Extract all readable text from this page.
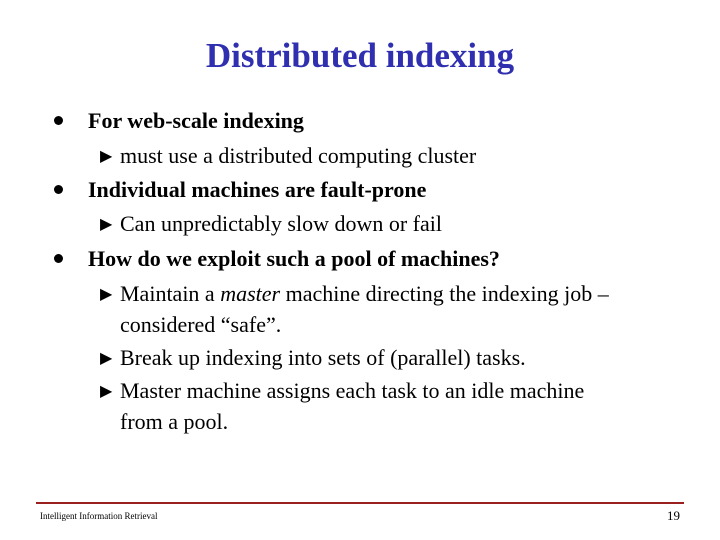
Distributed indexing
For web-scale indexing
▶ must use a distributed computing cluster
Individual machines are fault-prone
▶ Can unpredictably slow down or fail
How do we exploit such a pool of machines?
▶ Maintain a master machine directing the indexing job –
considered “safe”.
▶ Break up indexing into sets of (parallel) tasks.
▶ Master machine assigns each task to an idle machine
from a pool.
Intelligent Information Retrieval	19
